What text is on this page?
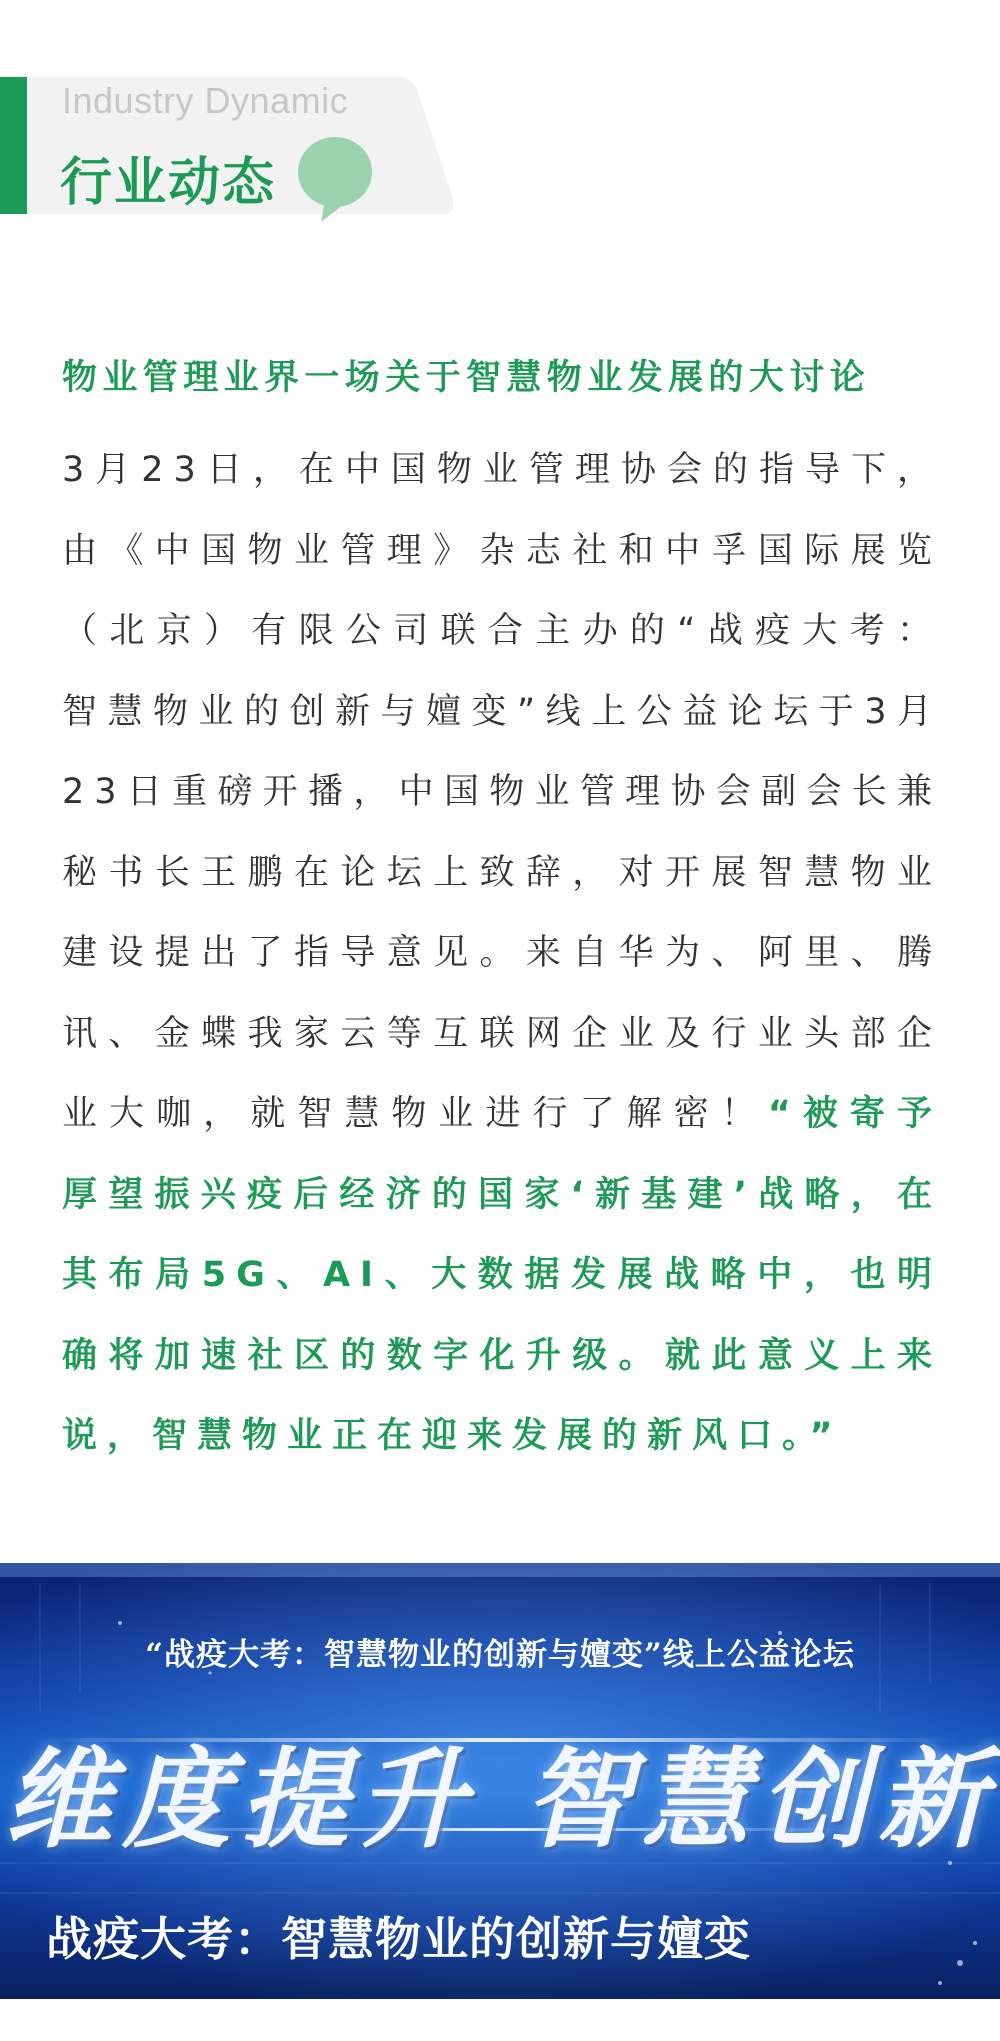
Industry Dynamic
行业动态
物业管理业界一场关于智慧物业发展的大讨论

3月23日，在中国物业管理协会的指导下，由《中国物业管理》杂志社和中孚国际展览（北京）有限公司联合主办的“战疫大考：智慧物业的创新与嬗变”线上公益论坛于3月23日重磅开播，中国物业管理协会副会长兼秘书长王鹏在论坛上致辞，对开展智慧物业建设提出了指导意见。来自华为、阿里、腾讯、金蝶我家云等互联网企业及行业头部企业大咖，就智慧物业进行了解密！“被寄予厚望振兴疫后经济的国家‘新基建’战略，在其布局5G、AI、大数据发展战略中，也明确将加速社区的数字化升级。就此意义上来说，智慧物业正在迎来发展的新风口。”

“战疫大考：智慧物业的创新与嬗变”线上公益论坛
维度提升 智慧创新
战疫大考：智慧物业的创新与嬗变
